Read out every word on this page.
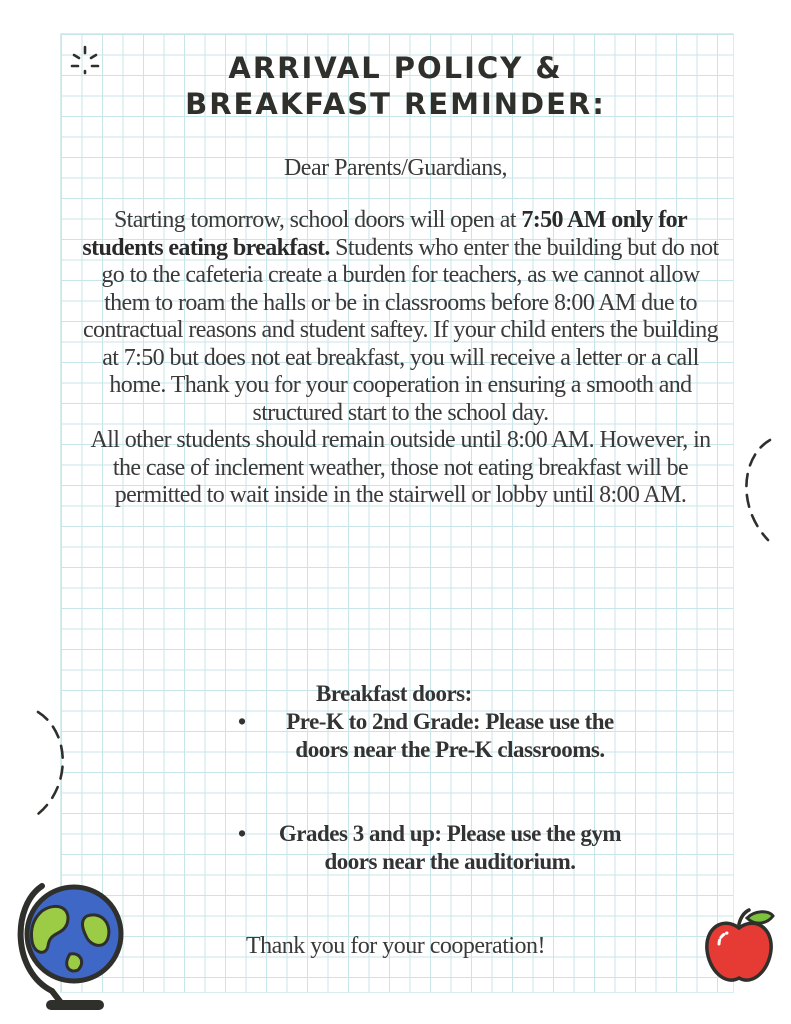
ARRIVAL POLICY &
BREAKFAST REMINDER:
Dear Parents/Guardians,
Starting tomorrow, school doors will open at 7:50 AM only for students eating breakfast. Students who enter the building but do not go to the cafeteria create a burden for teachers, as we cannot allow them to roam the halls or be in classrooms before 8:00 AM due to contractual reasons and student saftey. If your child enters the building at 7:50 but does not eat breakfast, you will receive a letter or a call home. Thank you for your cooperation in ensuring a smooth and structured start to the school day.
All other students should remain outside until 8:00 AM. However, in the case of inclement weather, those not eating breakfast will be permitted to wait inside in the stairwell or lobby until 8:00 AM.
Breakfast doors:
•	Pre-K to 2nd Grade: Please use the doors near the Pre-K classrooms.
•	Grades 3 and up: Please use the gym doors near the auditorium.
Thank you for your cooperation!
